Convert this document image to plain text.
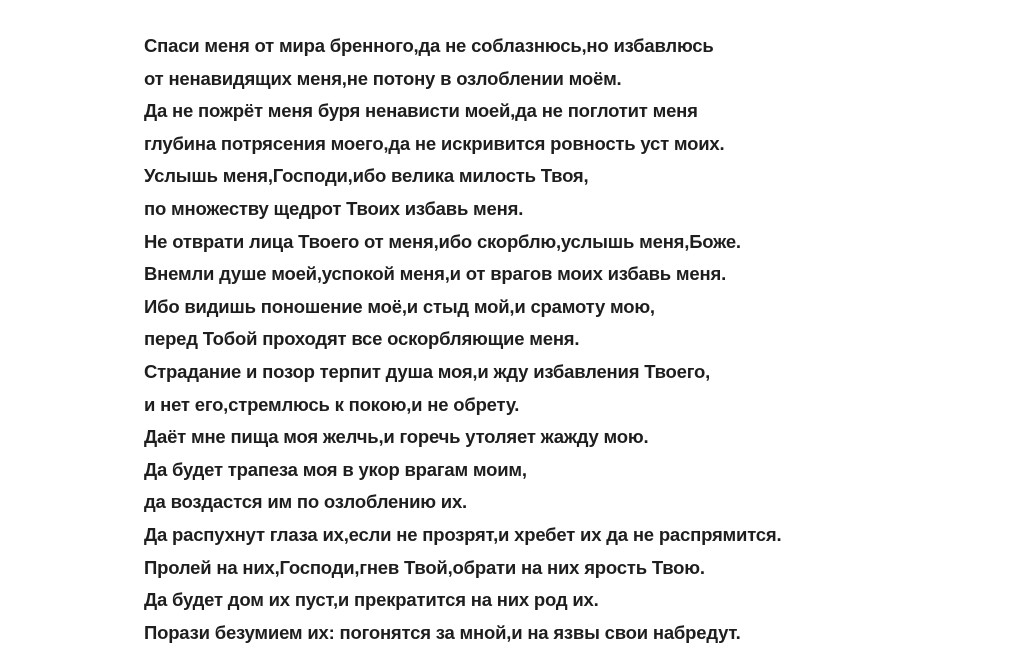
Спаси меня от мира бренного,да не соблазнюсь,но избавлюсь

от ненавидящих меня,не потону в озлоблении моём.

Да не пожрёт меня буря ненависти моей,да не поглотит меня

глубина потрясения моего,да не искривится ровность уст моих.

Услышь меня,Господи,ибо велика милость Твоя,

по множеству щедрот Твоих избавь меня.

Не отврати лица Твоего от меня,ибо скорблю,услышь меня,Боже.

Внемли душе моей,успокой меня,и от врагов моих избавь меня.

Ибо видишь поношение моё,и стыд мой,и срамоту мою,

перед Тобой проходят все оскорбляющие меня.

Страдание и позор терпит душа моя,и жду избавления Твоего,

и нет его,стремлюсь к покою,и не обрету.

Даёт мне пища моя желчь,и горечь утоляет жажду мою.

Да будет трапеза моя в укор врагам моим,

да воздастся им по озлоблению их.

Да распухнут глаза их,если не прозрят,и хребет их да не распрямится.

Пролей на них,Господи,гнев Твой,обрати на них ярость Твою.

Да будет дом их пуст,и прекратится на них род их.

Порази безумием их: погонятся за мной,и на язвы свои набредут.
